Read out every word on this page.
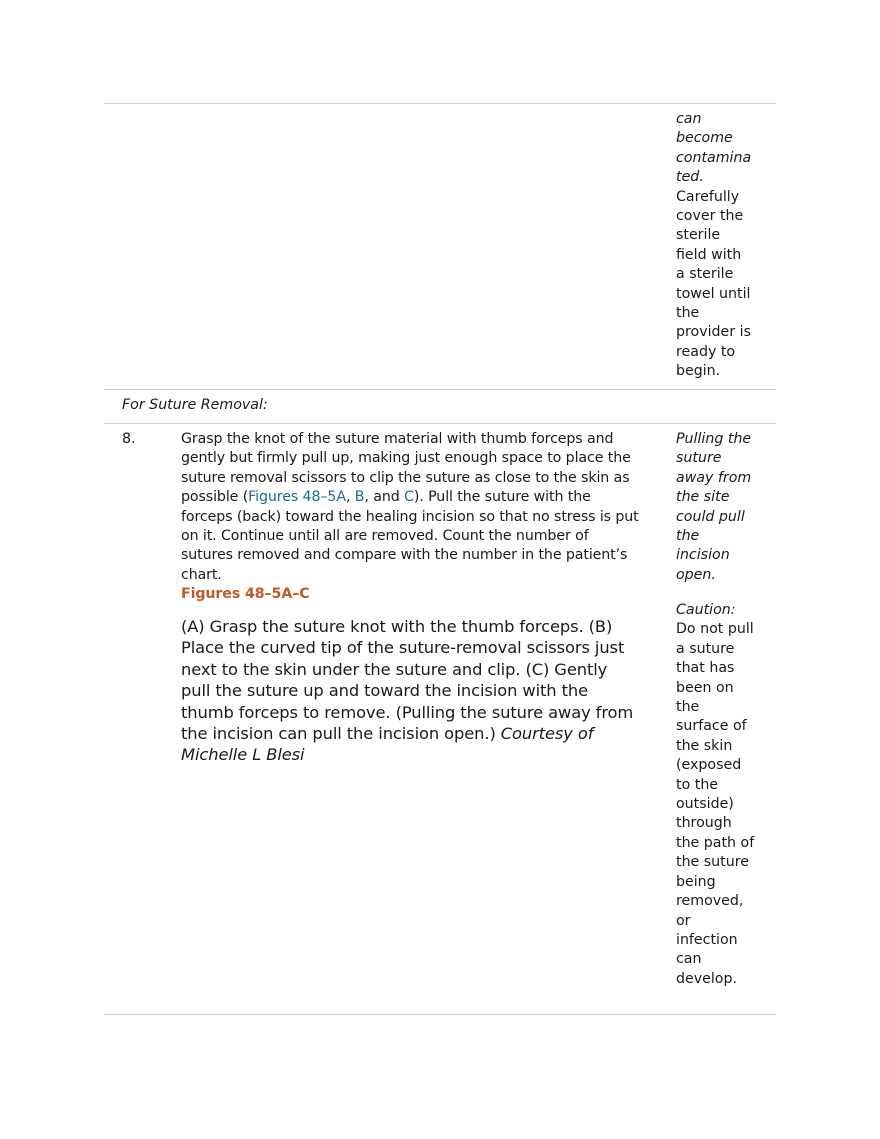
can
become
contamina
ted.
Carefully
cover the
sterile
field with
a sterile
towel until
the
provider is
ready to
begin.
For Suture Removal:
8.	Grasp the knot of the suture material with thumb forceps and gently but firmly pull up, making just enough space to place the suture removal scissors to clip the suture as close to the skin as possible (Figures 48–5A, B, and C). Pull the suture with the forceps (back) toward the healing incision so that no stress is put on it. Continue until all are removed. Count the number of sutures removed and compare with the number in the patient’s chart.
Figures 48–5A–C
(A) Grasp the suture knot with the thumb forceps. (B) Place the curved tip of the suture-removal scissors just next to the skin under the suture and clip. (C) Gently pull the suture up and toward the incision with the thumb forceps to remove. (Pulling the suture away from the incision can pull the incision open.) Courtesy of Michelle L Blesi
Pulling the
suture
away from
the site
could pull
the
incision
open.
Caution:
Do not pull
a suture
that has
been on
the
surface of
the skin
(exposed
to the
outside)
through
the path of
the suture
being
removed,
or
infection
can
develop.
